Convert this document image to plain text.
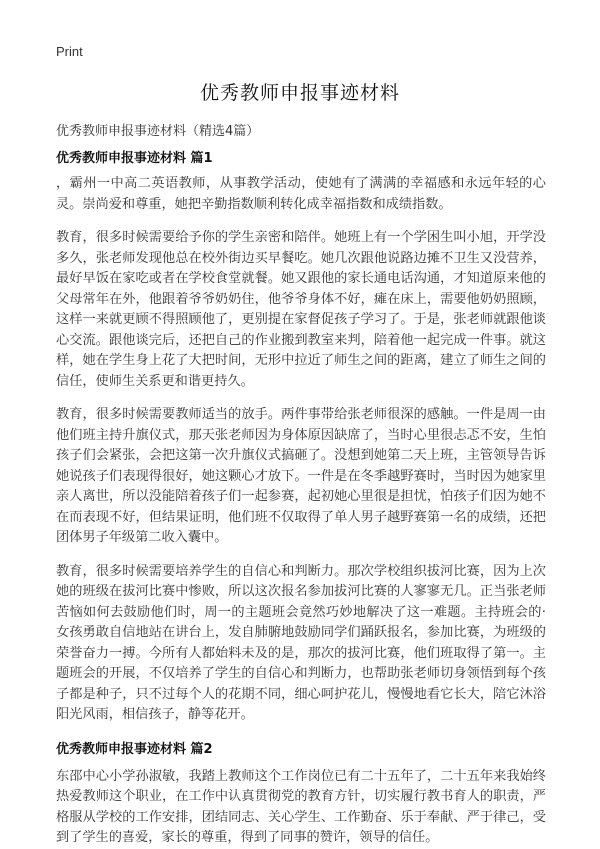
Print
优秀教师申报事迹材料

优秀教师申报事迹材料（精选4篇）

优秀教师申报事迹材料 篇1

，霸州一中高二英语教师，从事教学活动，使她有了满满的幸福感和永远年轻的心灵。崇尚爱和尊重，她把辛勤指数顺利转化成幸福指数和成绩指数。

教育，很多时候需要给予你的学生亲密和陪伴。她班上有一个学困生叫小旭，开学没多久，张老师发现他总在校外街边买早餐吃。她几次跟他说路边摊不卫生又没营养，最好早饭在家吃或者在学校食堂就餐。她又跟他的家长通电话沟通，才知道原来他的父母常年在外，他跟着爷爷奶奶住，他爷爷身体不好，瘫在床上，需要他奶奶照顾，这样一来就更顾不得照顾他了，更别提在家督促孩子学习了。于是，张老师就跟他谈心交流。跟他谈完后，还把自己的作业搬到教室来判，陪着他一起完成一件事。就这样，她在学生身上花了大把时间，无形中拉近了师生之间的距离，建立了师生之间的信任，使师生关系更和谐更持久。

教育，很多时候需要教师适当的放手。两件事带给张老师很深的感触。一件是周一由他们班主持升旗仪式，那天张老师因为身体原因缺席了，当时心里很忐忑不安，生怕孩子们会紧张，会把这第一次升旗仪式搞砸了。没想到她第二天上班，主管领导告诉她说孩子们表现得很好，她这颗心才放下。一件是在冬季越野赛时，当时因为她家里亲人离世，所以没能陪着孩子们一起参赛，起初她心里很是担忧，怕孩子们因为她不在而表现不好，但结果证明，他们班不仅取得了单人男子越野赛第一名的成绩，还把团体男子年级第二收入囊中。

教育，很多时候需要培养学生的自信心和判断力。那次学校组织拔河比赛，因为上次她的班级在拔河比赛中惨败，所以这次报名参加拔河比赛的人寥寥无几。正当张老师苦恼如何去鼓励他们时，周一的主题班会竟然巧妙地解决了这一难题。主持班会的·女孩勇敢自信地站在讲台上，发自肺腑地鼓励同学们踊跃报名，参加比赛，为班级的荣誉奋力一搏。今所有人都始料未及的是，那次的拔河比赛，他们班取得了第一。主题班会的开展，不仅培养了学生的自信心和判断力，也帮助张老师切身领悟到每个孩子都是种子，只不过每个人的花期不同，细心呵护花儿，慢慢地看它长大，陪它沐浴阳光风雨，相信孩子，静等花开。

优秀教师申报事迹材料 篇2

东邵中心小学孙淑敏，我踏上教师这个工作岗位已有二十五年了，二十五年来我始终热爱教师这个职业，在工作中认真贯彻党的教育方针，切实履行教书育人的职责，严格服从学校的工作安排，团结同志、关心学生、工作勤奋、乐于奉献、严于律己，受到了学生的喜爱，家长的尊重，得到了同事的赞许，领导的信任。
